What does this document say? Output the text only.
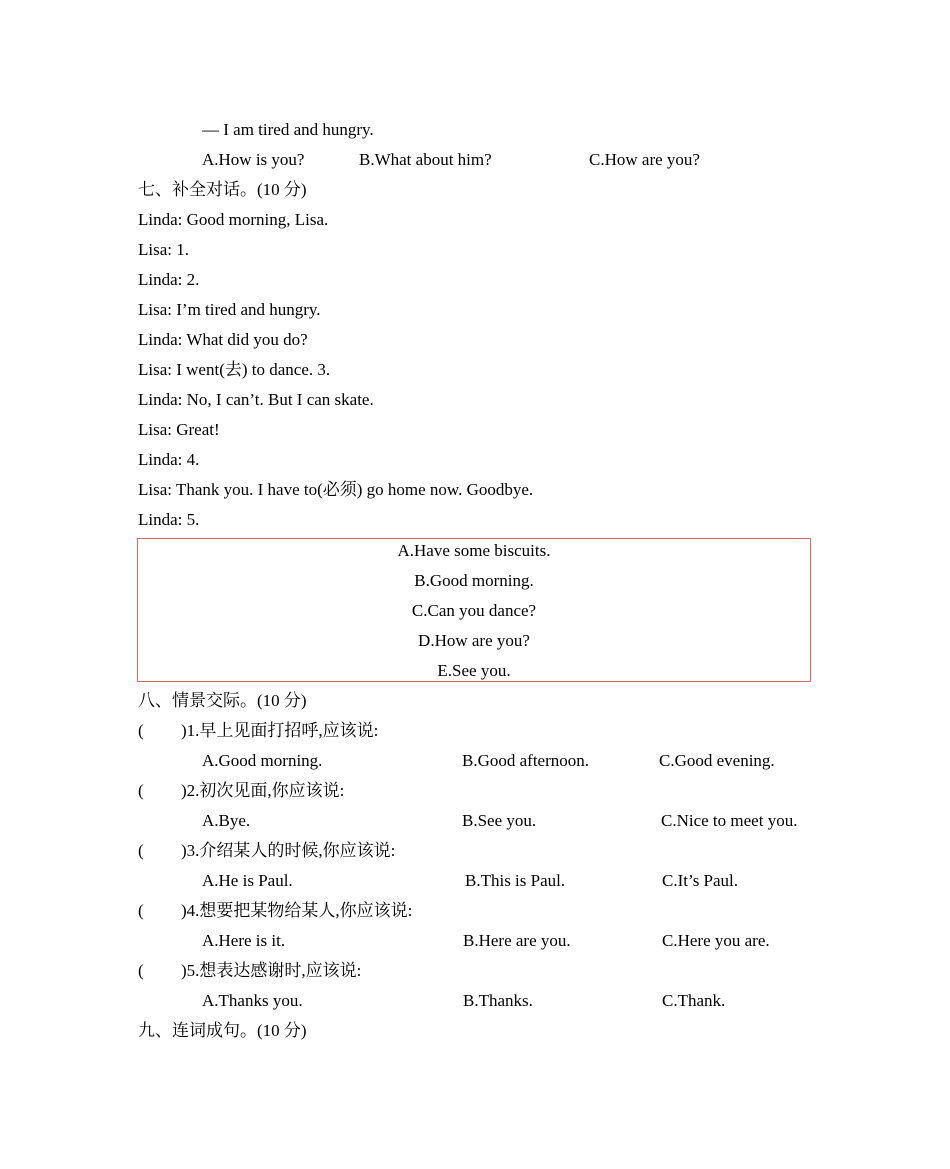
— I am tired and hungry.
A.How is you?	B.What about him?	C.How are you?
七、补全对话。(10 分)
Linda: Good morning, Lisa.
Lisa: 1.
Linda: 2.
Lisa: I’m tired and hungry.
Linda: What did you do?
Lisa: I went(去) to dance. 3.
Linda: No, I can’t. But I can skate.
Lisa: Great!
Linda: 4.
Lisa: Thank you. I have to(必须) go home now. Goodbye.
Linda: 5.
A.Have some biscuits.
B.Good morning.
C.Can you dance?
D.How are you?
E.See you.
八、情景交际。(10 分)
( )1.早上见面打招呼,应该说:
A.Good morning.	B.Good afternoon.	C.Good evening.
( )2.初次见面,你应该说:
A.Bye.	B.See you.	C.Nice to meet you.
( )3.介绍某人的时候,你应该说:
A.He is Paul.	B.This is Paul.	C.It’s Paul.
( )4.想要把某物给某人,你应该说:
A.Here is it.	B.Here are you.	C.Here you are.
( )5.想表达感谢时,应该说:
A.Thanks you.	B.Thanks.	C.Thank.
九、连词成句。(10 分)
